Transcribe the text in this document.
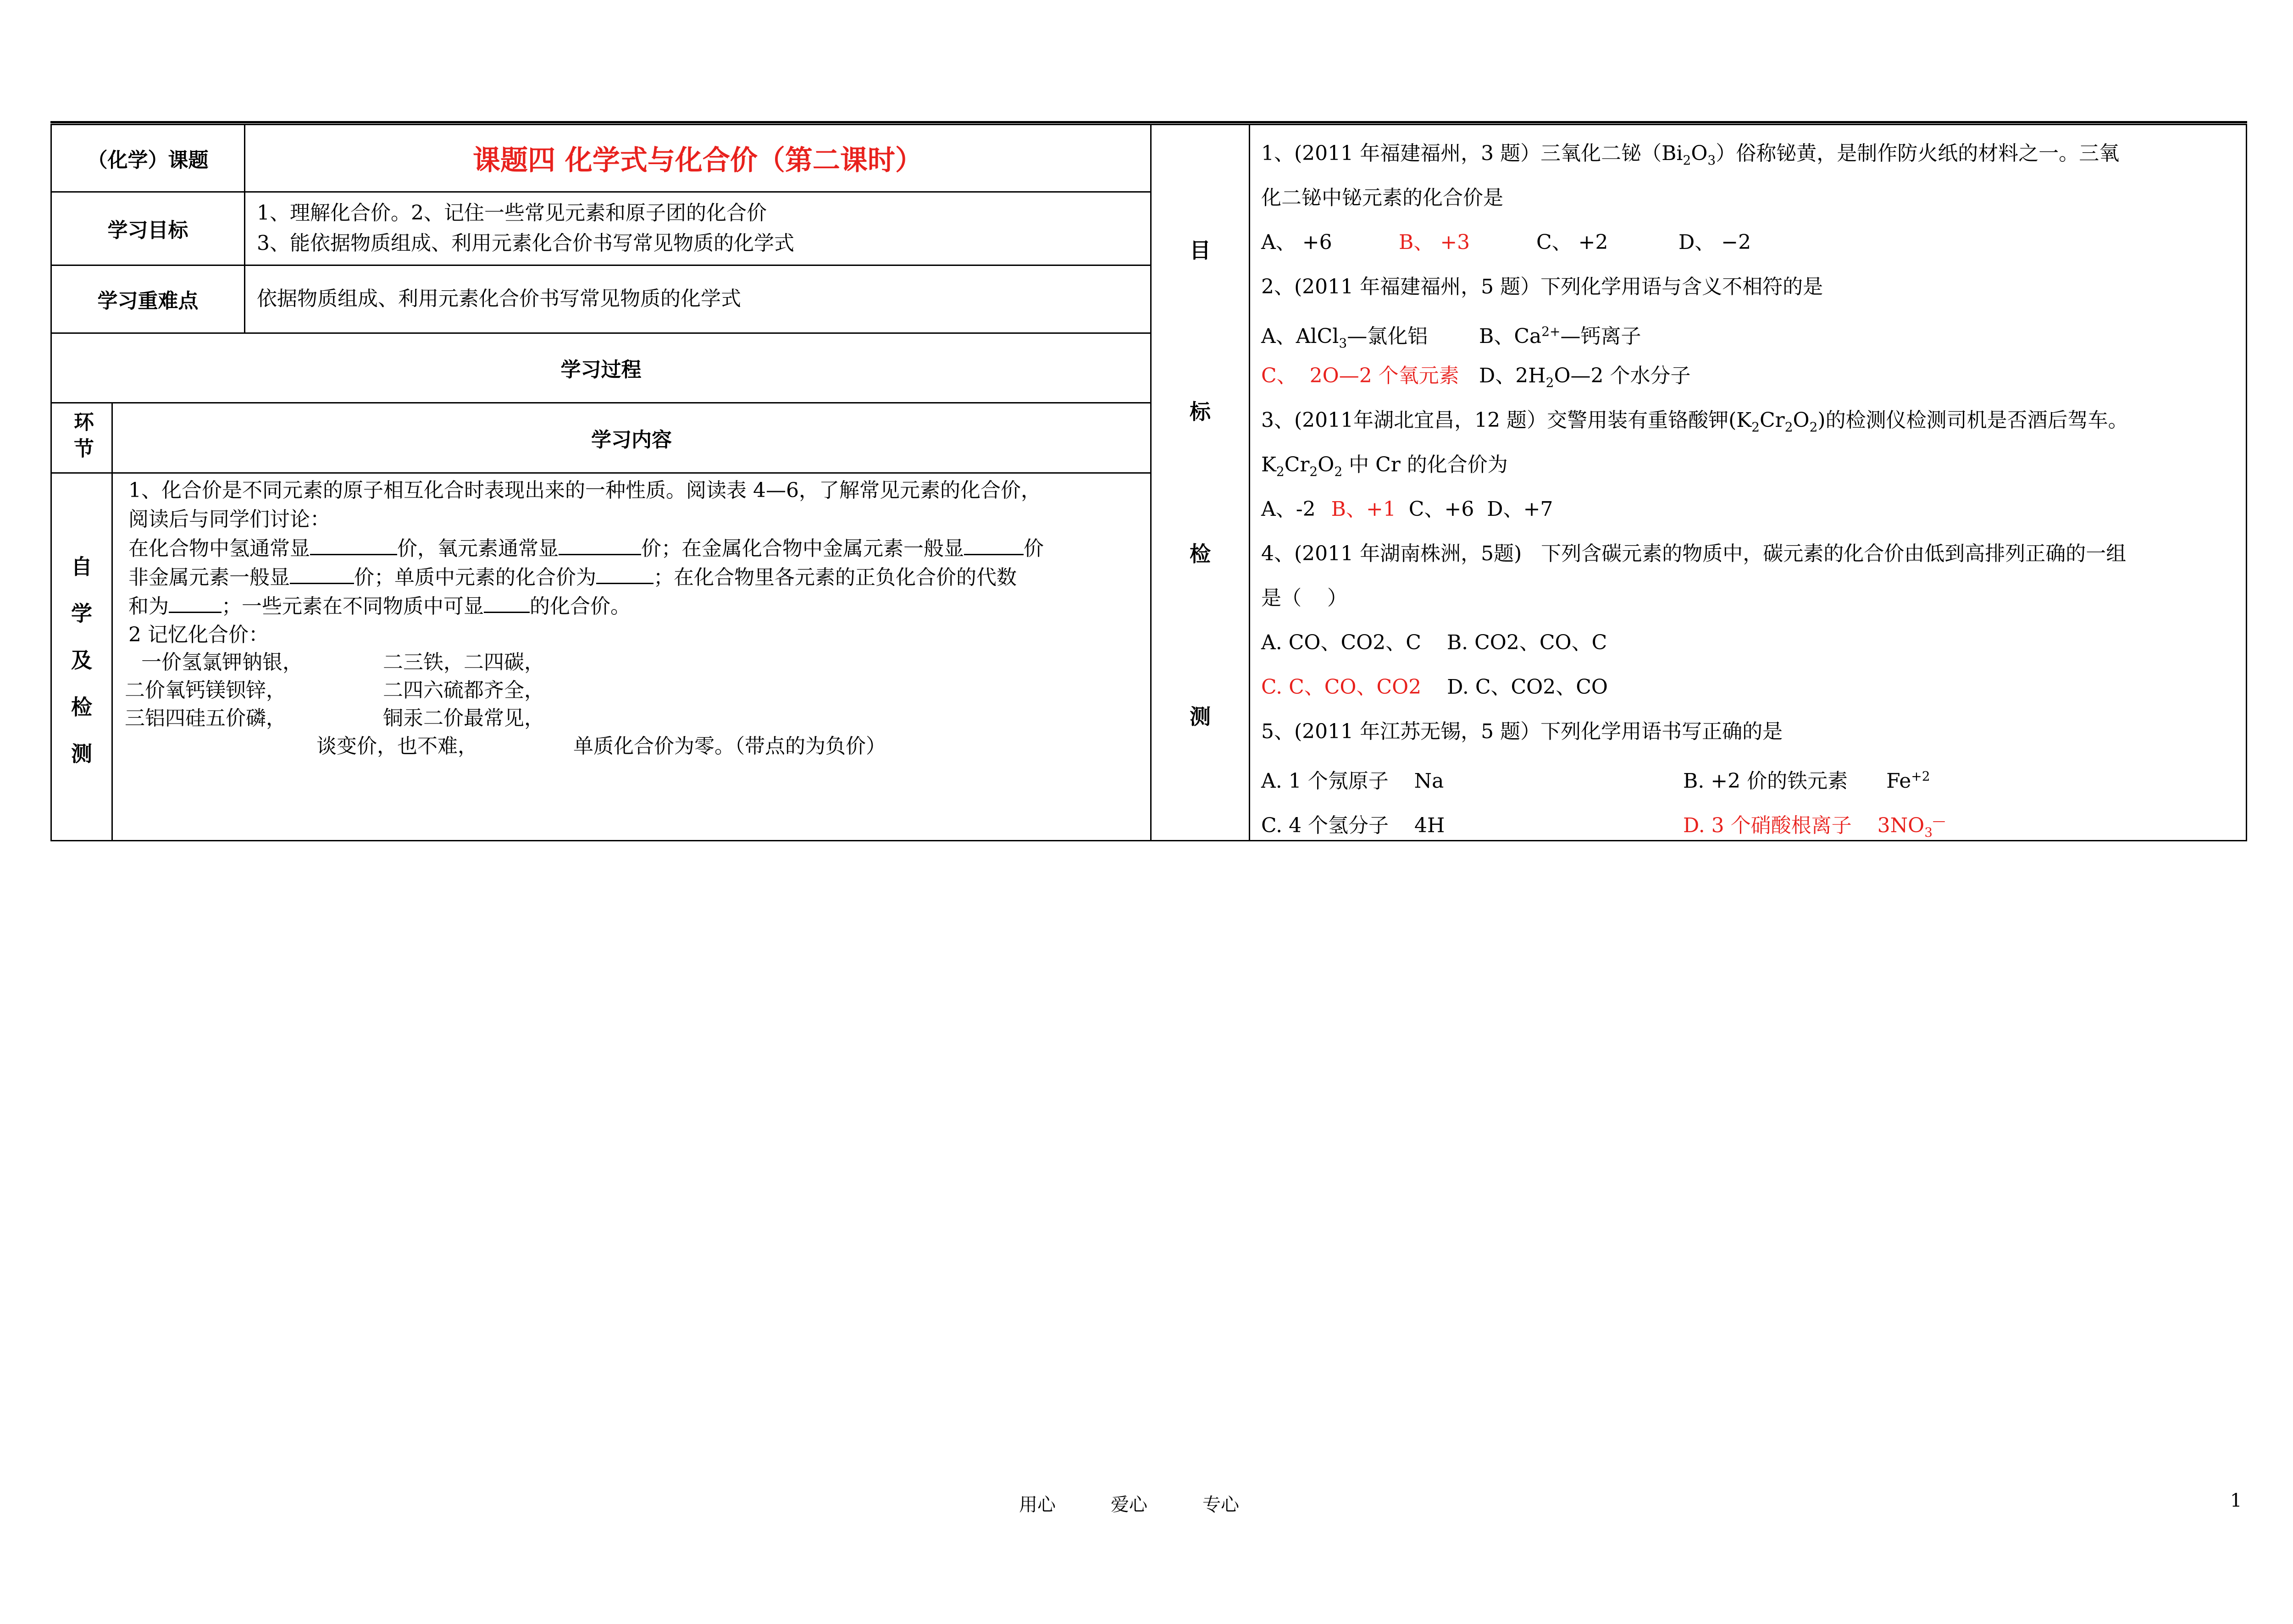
（化学）课题	课题四 化学式与化合价（第二课时）
学习目标
1、理解化合价。2、记住一些常见元素和原子团的化合价
3、能依据物质组成、利用元素化合价书写常见物质的化学式
学习重难点	依据物质组成、利用元素化合价书写常见物质的化学式
学习过程
环节	学习内容
自
学
及
检
测
1、化合价是不同元素的原子相互化合时表现出来的一种性质。阅读表 4—6，了解常见元素的化合价，
阅读后与同学们讨论：
在化合物中氢通常显	价，氧元素通常显	价；在金属化合物中金属元素一般显	价
非金属元素一般显	价；单质中元素的化合价为	；在化合物里各元素的正负化合价的代数
和为	；一些元素在不同物质中可显 的化合价。
2 记忆化合价：
一价氢氯钾钠银，	二三铁，二四碳，
二价氧钙镁钡锌，	二四六硫都齐全，
三铝四硅五价磷，	铜汞二价最常见，
谈变价，也不难，	单质化合价为零。（带点的为负价）
目
标
检
测
1、(2011 年福建福州，3 题）三氧化二铋$(Bi_2O_3)$俗称铋黄，是制作防火纸的材料之一。三氧
化二铋中铋元素的化合价是
A、 +6	B、 +3	C、 +2	D、 −2
2、(2011 年福建福州，5 题）下列化学用语与含义不相符的是
A、AlCl$_3$—氯化铝	B、$Ca^{2+}—$钙离子
C、  2O—2 个氧元素 D、$2H_2O—2$ 个水分子
3、(2011年湖北宜昌，12 题）交警用装有重铬酸钾$(K_2Cr_2O_2)$的检测仪检测司机是否酒后驾车。
$K_2Cr_2O_2$ 中 Cr 的化合价为
A、-2 B、+1  C、+6  D、+7
4、(2011 年湖南株洲，5题)   下列含碳元素的物质中，碳元素的化合价由低到高排列正确的一组
是（    ）
A. CO、CO2、C    B. CO2、CO、C
C. C、CO、CO2    D. C、CO2、CO
5、(2011 年江苏无锡，5 题）下列化学用语书写正确的是
A. 1 个氖原子    Na	B. +2 价的铁元素      $Fe^{+2}$
C. 4 个氢分子    4H	D. 3 个硝酸根离子    $3NO_3^—$
用心	爱心	专心	1
